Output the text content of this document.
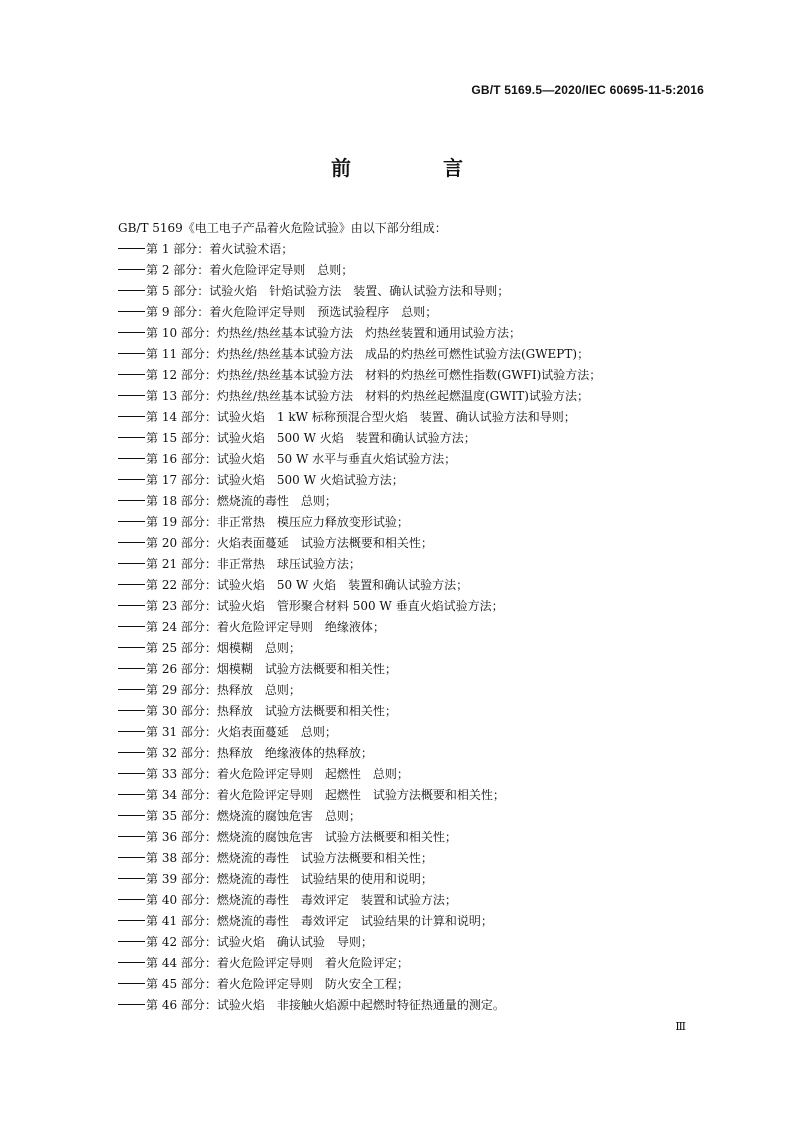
GB/T 5169.5—2020/IEC 60695-11-5:2016
前　言
GB/T 5169《电工电子产品着火危险试验》由以下部分组成：
第 1 部分：着火试验术语；
第 2 部分：着火危险评定导则　总则；
第 5 部分：试验火焰　针焰试验方法　装置、确认试验方法和导则；
第 9 部分：着火危险评定导则　预选试验程序　总则；
第 10 部分：灼热丝/热丝基本试验方法　灼热丝装置和通用试验方法；
第 11 部分：灼热丝/热丝基本试验方法　成品的灼热丝可燃性试验方法(GWEPT)；
第 12 部分：灼热丝/热丝基本试验方法　材料的灼热丝可燃性指数(GWFI)试验方法；
第 13 部分：灼热丝/热丝基本试验方法　材料的灼热丝起燃温度(GWIT)试验方法；
第 14 部分：试验火焰　1 kW 标称预混合型火焰　装置、确认试验方法和导则；
第 15 部分：试验火焰　500 W 火焰　装置和确认试验方法；
第 16 部分：试验火焰　50 W 水平与垂直火焰试验方法；
第 17 部分：试验火焰　500 W 火焰试验方法；
第 18 部分：燃烧流的毒性　总则；
第 19 部分：非正常热　模压应力释放变形试验；
第 20 部分：火焰表面蔓延　试验方法概要和相关性；
第 21 部分：非正常热　球压试验方法；
第 22 部分：试验火焰　50 W 火焰　装置和确认试验方法；
第 23 部分：试验火焰　管形聚合材料 500 W 垂直火焰试验方法；
第 24 部分：着火危险评定导则　绝缘液体；
第 25 部分：烟模糊　总则；
第 26 部分：烟模糊　试验方法概要和相关性；
第 29 部分：热释放　总则；
第 30 部分：热释放　试验方法概要和相关性；
第 31 部分：火焰表面蔓延　总则；
第 32 部分：热释放　绝缘液体的热释放；
第 33 部分：着火危险评定导则　起燃性　总则；
第 34 部分：着火危险评定导则　起燃性　试验方法概要和相关性；
第 35 部分：燃烧流的腐蚀危害　总则；
第 36 部分：燃烧流的腐蚀危害　试验方法概要和相关性；
第 38 部分：燃烧流的毒性　试验方法概要和相关性；
第 39 部分：燃烧流的毒性　试验结果的使用和说明；
第 40 部分：燃烧流的毒性　毒效评定　装置和试验方法；
第 41 部分：燃烧流的毒性　毒效评定　试验结果的计算和说明；
第 42 部分：试验火焰　确认试验　导则；
第 44 部分：着火危险评定导则　着火危险评定；
第 45 部分：着火危险评定导则　防火安全工程；
第 46 部分：试验火焰　非接触火焰源中起燃时特征热通量的测定。
Ⅲ
